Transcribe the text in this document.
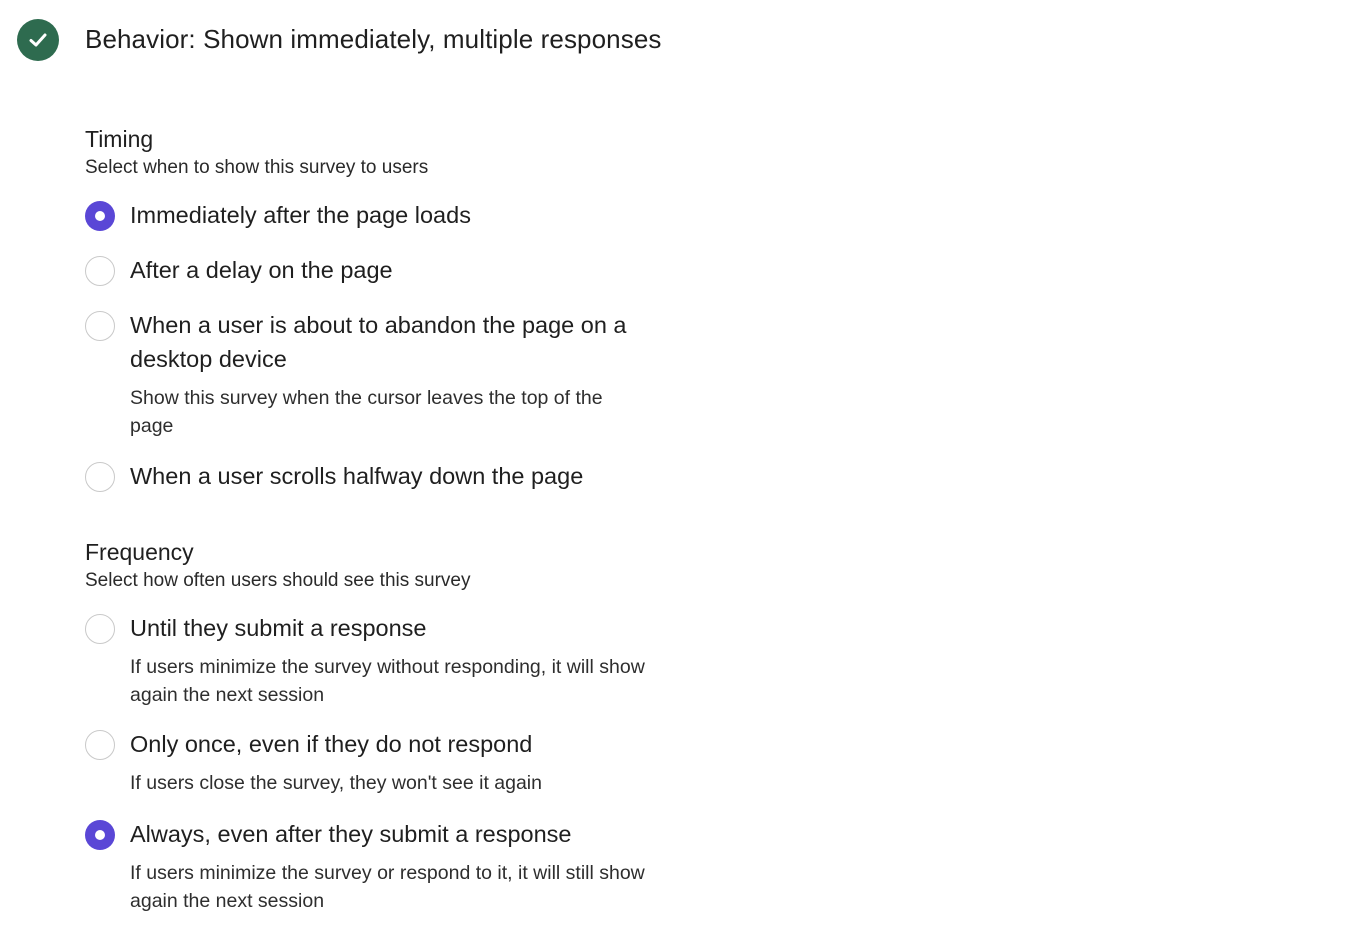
Behavior: Shown immediately, multiple responses
Timing
Select when to show this survey to users
Immediately after the page loads
After a delay on the page
When a user is about to abandon the page on a desktop device
Show this survey when the cursor leaves the top of the page
When a user scrolls halfway down the page
Frequency
Select how often users should see this survey
Until they submit a response
If users minimize the survey without responding, it will show again the next session
Only once, even if they do not respond
If users close the survey, they won't see it again
Always, even after they submit a response
If users minimize the survey or respond to it, it will still show again the next session
